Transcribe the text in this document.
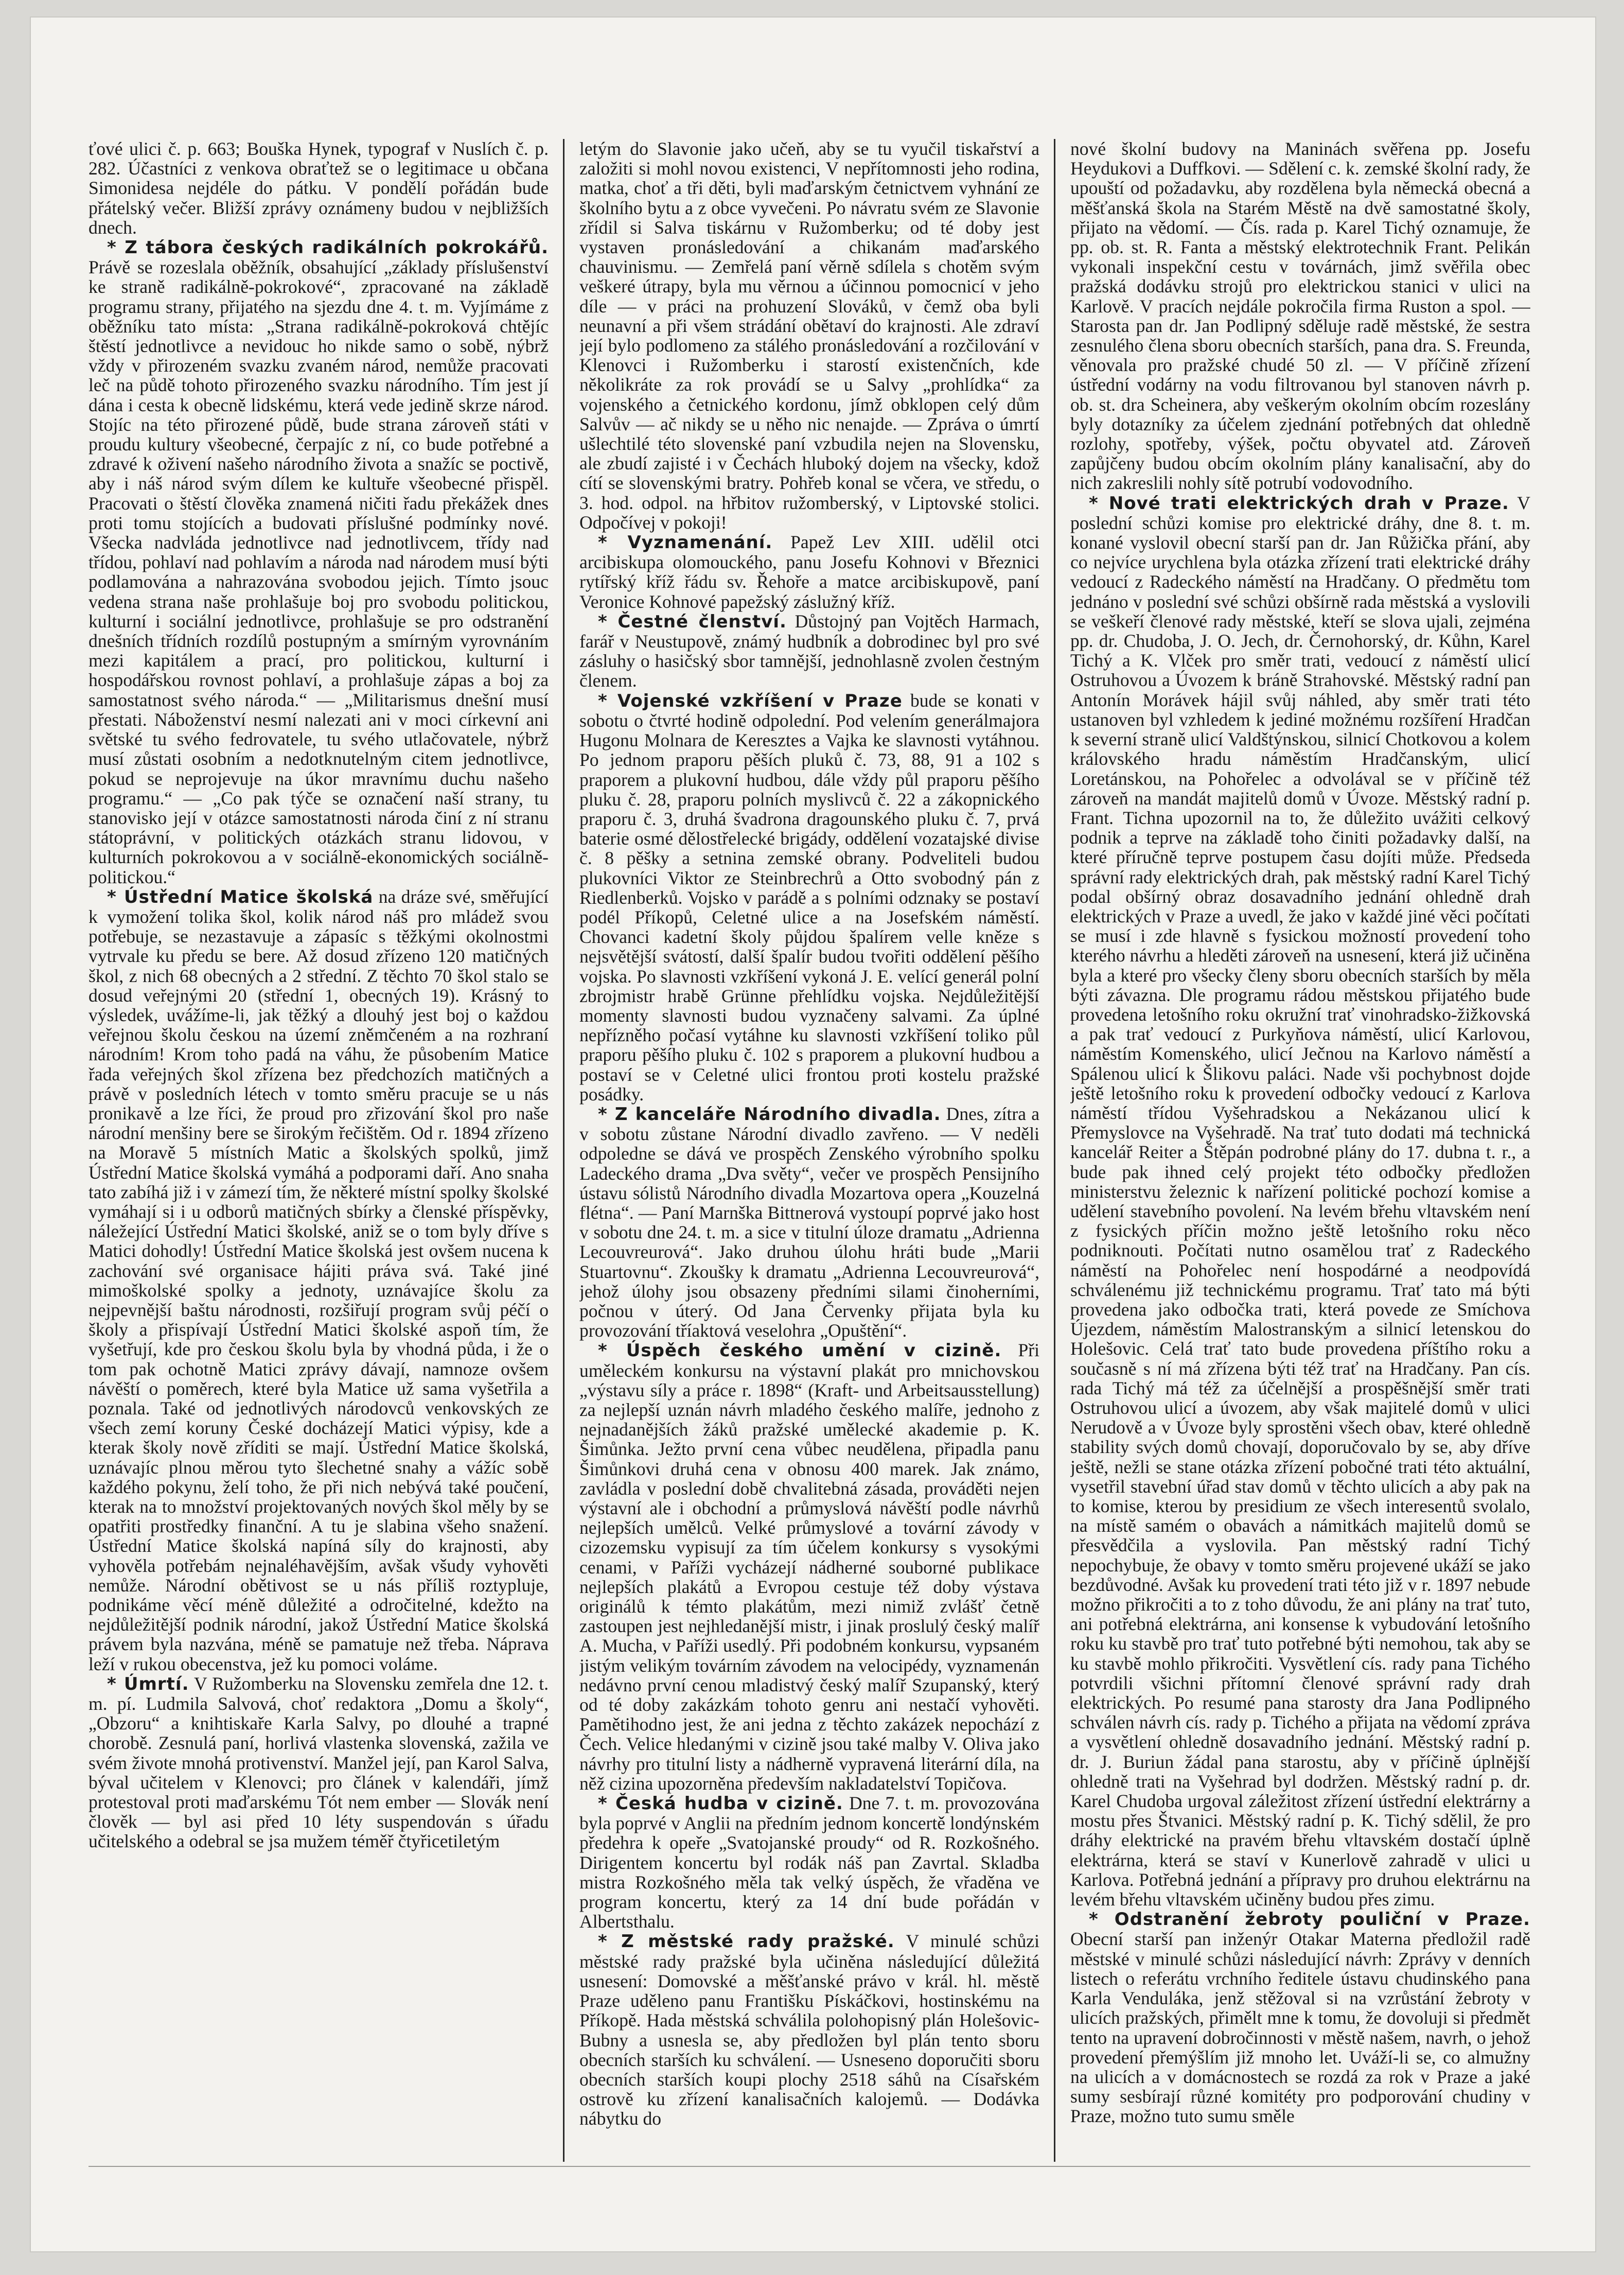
ťové ulici č. p. 663; Bouška Hynek, typograf v Nuslích č. p. 282. Účastníci z venkova obraťtež se o legitimace u občana Simonidesa nejdéle do pátku. V pondělí pořádán bude přátelský večer. Bližší zprávy oznámeny budou v nejbližších dnech.

* Z tábora českých radikálních pokrokářů. Právě se rozeslala oběžník, obsahující „základy příslušenství ke straně radikálně-pokrokové“, zpracované na základě programu strany, přijatého na sjezdu dne 4. t. m. Vyjímáme z oběžníku tato místa: „Strana radikálně-pokroková chtějíc štěstí jednotlivce a nevidouc ho nikde samo o sobě, nýbrž vždy v přirozeném svazku zvaném národ, nemůže pracovati leč na půdě tohoto přirozeného svazku národního. Tím jest jí dána i cesta k obecně lidskému, která vede jedině skrze národ. Stojíc na této přirozené půdě, bude strana zároveň státi v proudu kultury všeobecné, čerpajíc z ní, co bude potřebné a zdravé k oživení našeho národního života a snažíc se poctivě, aby i náš národ svým dílem ke kultuře všeobecné přispěl. Pracovati o štěstí člověka znamená ničiti řadu překážek dnes proti tomu stojících a budovati příslušné podmínky nové. Všecka nadvláda jednotlivce nad jednotlivcem, třídy nad třídou, pohlaví nad pohlavím a národa nad národem musí býti podlamována a nahrazována svobodou jejich. Tímto jsouc vedena strana naše prohlašuje boj pro svobodu politickou, kulturní i sociální jednotlivce, prohlašuje se pro odstranění dnešních třídních rozdílů postupným a smírným vyrovnáním mezi kapitálem a prací, pro politickou, kulturní i hospodářskou rovnost pohlaví, a prohlašuje zápas a boj za samostatnost svého národa.“ — „Militarismus dnešní musí přestati. Náboženství nesmí nalezati ani v moci církevní ani světské tu svého fedrovatele, tu svého utlačovatele, nýbrž musí zůstati osobním a nedotknutelným citem jednotlivce, pokud se neprojevuje na úkor mravnímu duchu našeho programu.“ — „Co pak týče se označení naší strany, tu stanovisko její v otázce samostatnosti národa činí z ní stranu státoprávní, v politických otázkách stranu lidovou, v kulturních pokrokovou a v sociálně-ekonomických sociálně-politickou.“

* Ústřední Matice školská na dráze své, směřující k vymožení tolika škol, kolik národ náš pro mládež svou potřebuje, se nezastavuje a zápasíc s těžkými okolnostmi vytrvale ku předu se bere. Až dosud zřízeno 120 matičných škol, z nich 68 obecných a 2 střední. Z těchto 70 škol stalo se dosud veřejnými 20 (střední 1, obecných 19). Krásný to výsledek, uvážíme-li, jak těžký a dlouhý jest boj o každou veřejnou školu českou na území zněmčeném a na rozhraní národním! Krom toho padá na váhu, že působením Matice řada veřejných škol zřízena bez předchozích matičných a právě v posledních létech v tomto směru pracuje se u nás pronikavě a lze říci, že proud pro zřizování škol pro naše národní menšiny bere se širokým řečištěm. Od r. 1894 zřízeno na Moravě 5 místních Matic a školských spolků, jimž Ústřední Matice školská vymáhá a podporami daří. Ano snaha tato zabíhá již i v zámezí tím, že některé místní spolky školské vymáhají si i u odborů matičných sbírky a členské příspěvky, náležející Ústřední Matici školské, aniž se o tom byly dříve s Matici dohodly! Ústřední Matice školská jest ovšem nucena k zachování své organisace hájiti práva svá. Také jiné mimoškolské spolky a jednoty, uznávajíce školu za nejpevnější baštu národnosti, rozšiřují program svůj péčí o školy a přispívají Ústřední Matici školské aspoň tím, že vyšetřují, kde pro českou školu byla by vhodná půda, i že o tom pak ochotně Matici zprávy dávají, namnoze ovšem návěští o poměrech, které byla Matice už sama vyšetřila a poznala. Také od jednotlivých národovců venkovských ze všech zemí koruny České docházejí Matici výpisy, kde a kterak školy nově zříditi se mají. Ústřední Matice školská, uznávajíc plnou měrou tyto šlechetné snahy a vážíc sobě každého pokynu, želí toho, že při nich nebývá také poučení, kterak na to množství projektovaných nových škol měly by se opatřiti prostředky finanční. A tu je slabina všeho snažení. Ústřední Matice školská napíná síly do krajnosti, aby vyhověla potřebám nejnaléhavějším, avšak všudy vyhověti nemůže. Národní obětivost se u nás příliš roztypluje, podnikáme věcí méně důležité a odročitelné, kdežto na nejdůležitější podnik národní, jakož Ústřední Matice školská právem byla nazvána, méně se pamatuje než třeba. Náprava leží v rukou obecenstva, jež ku pomoci voláme.

* Úmrtí. V Ružomberku na Slovensku zemřela dne 12. t. m. pí. Ludmila Salvová, choť redaktora „Domu a školy“, „Obzoru“ a knihtiskaře Karla Salvy, po dlouhé a trapné chorobě. Zesnulá paní, horlivá vlastenka slovenská, zažila ve svém živote mnohá protivenství. Manžel její, pan Karol Salva, býval učitelem v Klenovci; pro článek v kalendáři, jímž protestoval proti maďarskému Tót nem ember — Slovák není člověk — byl asi před 10 léty suspendován s úřadu učitelského a odebral se jsa mužem téměř čtyřicetiletým

letým do Slavonie jako učeň, aby se tu vyučil tiskařství a založiti si mohl novou existenci, V nepřítomnosti jeho rodina, matka, choť a tři děti, byli maďarským četnictvem vyhnání ze školního bytu a z obce vyvečeni. Po návratu svém ze Slavonie zřídil si Salva tiskárnu v Ružomberku; od té doby jest vystaven pronásledování a chikanám maďarského chauvinismu. — Zemřelá paní věrně sdílela s chotěm svým veškeré útrapy, byla mu věrnou a účinnou pomocnicí v jeho díle — v práci na prohuzení Slováků, v čemž oba byli neunavní a při všem strádání obětaví do krajnosti. Ale zdraví její bylo podlomeno za stálého pronásledování a rozčilování v Klenovci i Ružomberku i starostí existenčních, kde několikráte za rok provádí se u Salvy „prohlídka“ za vojenského a četnického kordonu, jímž obklopen celý dům Salvův — ač nikdy se u něho nic nenajde. — Zpráva o úmrtí ušlechtilé této slovenské paní vzbudila nejen na Slovensku, ale zbudí zajisté i v Čechách hluboký dojem na všecky, kdož cítí se slovenskými bratry. Pohřeb konal se včera, ve středu, o 3. hod. odpol. na hřbitov ružomberský, v Liptovské stolici. Odpočívej v pokoji!

* Vyznamenání. Papež Lev XIII. udělil otci arcibiskupa olomouckého, panu Josefu Kohnovi v Březnici rytířský kříž řádu sv. Řehoře a matce arcibiskupově, paní Veronice Kohnové papežský záslužný kříž.

* Čestné členství. Důstojný pan Vojtěch Harmach, farář v Neustupově, známý hudbník a dobrodinec byl pro své zásluhy o hasičský sbor tamnější, jednohlasně zvolen čestným členem.

* Vojenské vzkříšení v Praze bude se konati v sobotu o čtvrté hodině odpolední. Pod velením generálmajora Hugonu Molnara de Keresztes a Vajka ke slavnosti vytáhnou. Po jednom praporu pěších pluků č. 73, 88, 91 a 102 s praporem a plukovní hudbou, dále vždy půl praporu pěšího pluku č. 28, praporu polních myslivců č. 22 a zákopnického praporu č. 3, druhá švadrona dragounského pluku č. 7, prvá baterie osmé dělostřelecké brigády, oddělení vozatajské divise č. 8 pěšky a setnina zemské obrany. Podveliteli budou plukovníci Viktor ze Steinbrechrů a Otto svobodný pán z Riedlenberků. Vojsko v parádě a s polními odznaky se postaví podél Příkopů, Celetné ulice a na Josefském náměstí. Chovanci kadetní školy půjdou špalírem velle kněze s nejsvětější svátostí, další špalír budou tvořiti oddělení pěšího vojska. Po slavnosti vzkříšení vykoná J. E. velící generál polní zbrojmistr hrabě Grünne přehlídku vojska. Nejdůležitější momenty slavnosti budou vyznačeny salvami. Za úplné nepřízněho počasí vytáhne ku slavnosti vzkříšení toliko půl praporu pěšího pluku č. 102 s praporem a plukovní hudbou a postaví se v Celetné ulici frontou proti kostelu pražské posádky.

* Z kanceláře Národního divadla. Dnes, zítra a v sobotu zůstane Národní divadlo zavřeno. — V neděli odpoledne se dává ve prospěch Zenského výrobního spolku Ladeckého drama „Dva světy“, večer ve prospěch Pensijního ústavu sólistů Národního divadla Mozartova opera „Kouzelná flétna“. — Paní Marnška Bittnerová vystoupí poprvé jako host v sobotu dne 24. t. m. a sice v titulní úloze dramatu „Adrienna Lecouvreurová“. Jako druhou úlohu hráti bude „Marii Stuartovnu“. Zkoušky k dramatu „Adrienna Lecouvreurová“, jehož úlohy jsou obsazeny předními silami činoherními, počnou v úterý. Od Jana Červenky přijata byla ku provozování tříaktová veselohra „Opuštění“.

* Úspěch českého umění v cizině. Při uměleckém konkursu na výstavní plakát pro mnichovskou „výstavu síly a práce r. 1898“ (Kraft- und Arbeitsausstellung) za nejlepší uznán návrh mladého českého malíře, jednoho z nejnadanějších žáků pražské umělecké akademie p. K. Šimůnka. Ježto první cena vůbec neudělena, připadla panu Šimůnkovi druhá cena v obnosu 400 marek. Jak známo, zavládla v poslední době chvalitebná zásada, prováděti nejen výstavní ale i obchodní a průmyslová návěští podle návrhů nejlepších umělců. Velké průmyslové a tovární závody v cizozemsku vypisují za tím účelem konkursy s vysokými cenami, v Paříži vycházejí nádherné souborné publikace nejlepších plakátů a Evropou cestuje též doby výstava originálů k témto plakátům, mezi nimiž zvlášť četně zastoupen jest nejhledanější mistr, i jinak proslulý český malíř A. Mucha, v Paříži usedlý. Při podobném konkursu, vypsaném jistým velikým továrním závodem na velocipédy, vyznamenán nedávno první cenou mladistvý český malíř Szupanský, který od té doby zakázkám tohoto genru ani nestačí vyhověti. Pamětihodno jest, že ani jedna z těchto zakázek nepochází z Čech. Velice hledanými v cizině jsou také malby V. Oliva jako návrhy pro titulní listy a nádherně vypravená literární díla, na něž cizina upozorněna především nakladatelství Topičova.

* Česká hudba v cizině. Dne 7. t. m. provozována byla poprvé v Anglii na předním jednom koncertě londýnském předehra k opeře „Svatojanské proudy“ od R. Rozkošného. Dirigentem koncertu byl rodák náš pan Zavrtal. Skladba mistra Rozkošného měla tak velký úspěch, že vřaděna ve program koncertu, který za 14 dní bude pořádán v Albertsthalu.

* Z městské rady pražské. V minulé schůzi městské rady pražské byla učiněna následující důležitá usnesení: Domovské a měšťanské právo v král. hl. městě Praze uděleno panu Františku Pískáčkovi, hostinskému na Příkopě. Hada městská schválila polohopisný plán Holešovic-Bubny a usnesla se, aby předložen byl plán tento sboru obecních starších ku schválení. — Usneseno doporučiti sboru obecních starších koupi plochy 2518 sáhů na Císařském ostrově ku zřízení kanalisačních kalojemů. — Dodávka nábytku do

nové školní budovy na Maninách svěřena pp. Josefu Heydukovi a Duffkovi. — Sdělení c. k. zemské školní rady, že upouští od požadavku, aby rozdělena byla německá obecná a měšťanská škola na Starém Městě na dvě samostatné školy, přijato na vědomí. — Čís. rada p. Karel Tichý oznamuje, že pp. ob. st. R. Fanta a městský elektrotechnik Frant. Pelikán vykonali inspekční cestu v továrnách, jimž svěřila obec pražská dodávku strojů pro elektrickou stanici v ulici na Karlově. V pracích nejdále pokročila firma Ruston a spol. — Starosta pan dr. Jan Podlipný sděluje radě městské, že sestra zesnulého člena sboru obecních starších, pana dra. S. Freunda, věnovala pro pražské chudé 50 zl. — V příčině zřízení ústřední vodárny na vodu filtrovanou byl stanoven návrh p. ob. st. dra Scheinera, aby veškerým okolním obcím rozeslány byly dotazníky za účelem zjednání potřebných dat ohledně rozlohy, spotřeby, výšek, počtu obyvatel atd. Zároveň zapůjčeny budou obcím okolním plány kanalisační, aby do nich zakreslili nohly sítě potrubí vodovodního.

* Nové trati elektrických drah v Praze. V poslední schůzi komise pro elektrické dráhy, dne 8. t. m. konané vyslovil obecní starší pan dr. Jan Růžička přání, aby co nejvíce urychlena byla otázka zřízení trati elektrické dráhy vedoucí z Radeckého náměstí na Hradčany. O předmětu tom jednáno v poslední své schůzi obšírně rada městská a vyslovili se veškeří členové rady městské, kteří se slova ujali, zejména pp. dr. Chudoba, J. O. Jech, dr. Černohorský, dr. Kůhn, Karel Tichý a K. Vlček pro směr trati, vedoucí z náměstí ulicí Ostruhovou a Úvozem k bráně Strahovské. Městský radní pan Antonín Morávek hájil svůj náhled, aby směr trati této ustanoven byl vzhledem k jediné možnému rozšíření Hradčan k severní straně ulicí Valdštýnskou, silnicí Chotkovou a kolem královského hradu náměstím Hradčanským, ulicí Loretánskou, na Pohořelec a odvolával se v příčině též zároveň na mandát majitelů domů v Úvoze. Městský radní p. Frant. Tichna upozornil na to, že důležito uvážiti celkový podnik a teprve na základě toho činiti požadavky další, na které příručně teprve postupem času dojíti může. Předseda správní rady elektrických drah, pak městský radní Karel Tichý podal obšírný obraz dosavadního jednání ohledně drah elektrických v Praze a uvedl, že jako v každé jiné věci počítati se musí i zde hlavně s fysickou možností provedení toho kterého návrhu a hleděti zároveň na usnesení, která již učiněna byla a které pro všecky členy sboru obecních starších by měla býti závazna. Dle programu rádou městskou přijatého bude provedena letošního roku okružní trať vinohradsko-žižkovská a pak trať vedoucí z Purkyňova náměstí, ulicí Karlovou, náměstím Komenského, ulicí Ječnou na Karlovo náměstí a Spálenou ulicí k Šlikovu paláci. Nade vši pochybnost dojde ještě letošního roku k provedení odbočky vedoucí z Karlova náměstí třídou Vyšehradskou a Nekázanou ulicí k Přemyslovce na Vyšehradě. Na trať tuto dodati má technická kancelář Reiter a Štěpán podrobné plány do 17. dubna t. r., a bude pak ihned celý projekt této odbočky předložen ministerstvu železnic k nařízení politické pochozí komise a udělení stavebního povolení. Na levém břehu vltavském není z fysických příčin možno ještě letošního roku něco podniknouti. Počítati nutno osamělou trať z Radeckého náměstí na Pohořelec není hospodárné a neodpovídá schválenému již technickému programu. Trať tato má býti provedena jako odbočka trati, která povede ze Smíchova Újezdem, náměstím Malostranským a silnicí letenskou do Holešovic. Celá trať tato bude provedena příštího roku a současně s ní má zřízena býti též trať na Hradčany. Pan cís. rada Tichý má též za účelnější a prospěšnější směr trati Ostruhovou ulicí a úvozem, aby však majitelé domů v ulici Nerudově a v Úvoze byly sprostěni všech obav, které ohledně stability svých domů chovají, doporučovalo by se, aby dříve ještě, nežli se stane otázka zřízení pobočné trati této aktuální, vysetřil stavební úřad stav domů v těchto ulicích a aby pak na to komise, kterou by presidium ze všech interesentů svolalo, na místě samém o obavách a námitkách majitelů domů se přesvědčila a vyslovila. Pan městský radní Tichý nepochybuje, že obavy v tomto směru projevené ukáží se jako bezdůvodné. Avšak ku provedení trati této již v r. 1897 nebude možno přikročiti a to z toho důvodu, že ani plány na trať tuto, ani potřebná elektrárna, ani konsense k vybudování letošního roku ku stavbě pro trať tuto potřebné býti nemohou, tak aby se ku stavbě mohlo přikročiti. Vysvětlení cís. rady pana Tichého potvrdili všichni přítomní členové správní rady drah elektrických. Po resumé pana starosty dra Jana Podlipného schválen návrh cís. rady p. Tichého a přijata na vědomí zpráva a vysvětlení ohledně dosavadního jednání. Městský radní p. dr. J. Buriun žádal pana starostu, aby v příčině úplnější ohledně trati na Vyšehrad byl dodržen. Městský radní p. dr. Karel Chudoba urgoval záležitost zřízení ústřední elektrárny a mostu přes Štvanici. Městský radní p. K. Tichý sdělil, že pro dráhy elektrické na pravém břehu vltavském dostačí úplně elektrárna, která se staví v Kunerlově zahradě v ulici u Karlova. Potřebná jednání a přípravy pro druhou elektrárnu na levém břehu vltavském učiněny budou přes zimu.

* Odstranění žebroty pouliční v Praze. Obecní starší pan inženýr Otakar Materna předložil radě městské v minulé schůzi následující návrh: Zprávy v denních listech o referátu vrchního ředitele ústavu chudinského pana Karla Venduláka, jenž stěžoval si na vzrůstání žebroty v ulicích pražských, přimělt mne k tomu, že dovoluji si předmět tento na upravení dobročinnosti v městě našem, navrh, o jehož provedení přemýšlím již mnoho let. Uváží-li se, co almužny na ulicích a v domácnostech se rozdá za rok v Praze a jaké sumy sesbírají různé komitéty pro podporování chudiny v Praze, možno tuto sumu směle
